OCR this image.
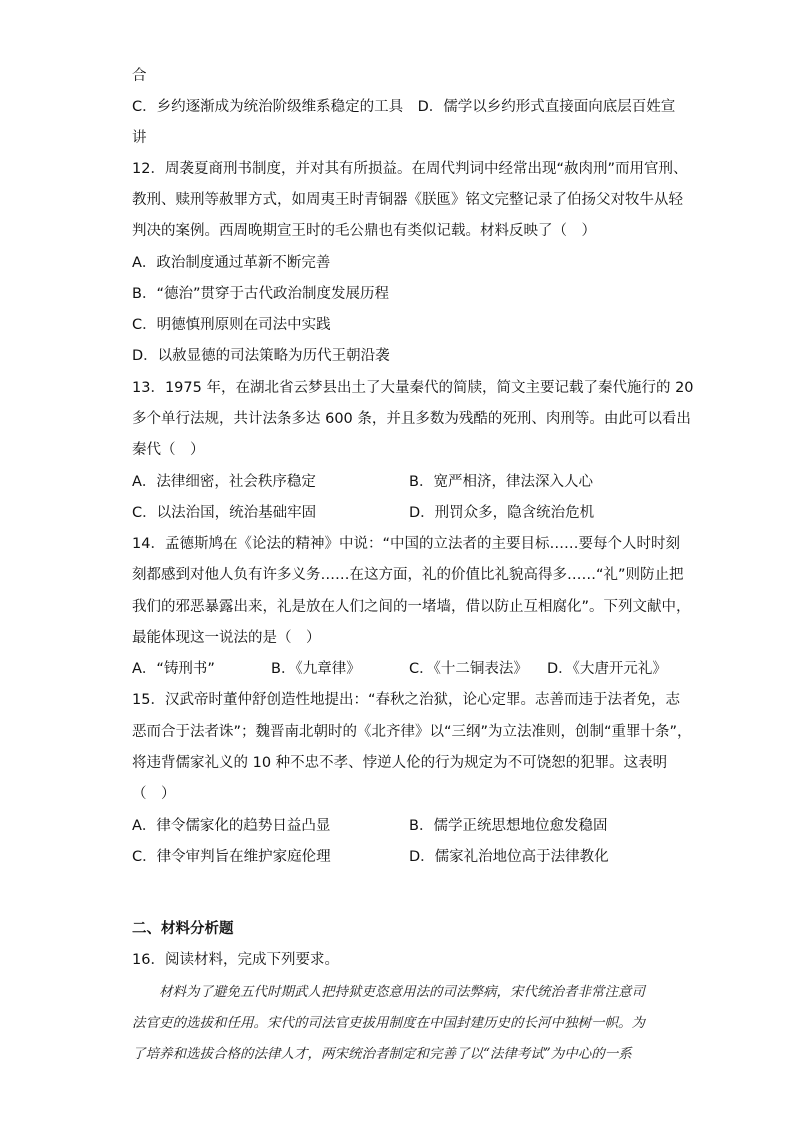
合
C．乡约逐渐成为统治阶级维系稳定的工具　D．儒学以乡约形式直接面向底层百姓宣
讲
12．周袭夏商刑书制度，并对其有所损益。在周代判词中经常出现“赦肉刑”而用官刑、
教刑、赎刑等赦罪方式，如周夷王时青铜器《朕匜》铭文完整记录了伯扬父对牧牛从轻
判决的案例。西周晚期宣王时的毛公鼎也有类似记载。材料反映了（　）
A．政治制度通过革新不断完善
B．“德治”贯穿于古代政治制度发展历程
C．明德慎刑原则在司法中实践
D．以赦显德的司法策略为历代王朝沿袭
13．1975 年，在湖北省云梦县出土了大量秦代的简牍，简文主要记载了秦代施行的 20
多个单行法规，共计法条多达 600 条，并且多数为残酷的死刑、肉刑等。由此可以看出
秦代（　）
A．法律细密，社会秩序稳定	B．宽严相济，律法深入人心
C．以法治国，统治基础牢固	D．刑罚众多，隐含统治危机
14．孟德斯鸠在《论法的精神》中说：“中国的立法者的主要目标……要每个人时时刻
刻都感到对他人负有许多义务……在这方面，礼的价值比礼貌高得多……“礼”则防止把
我们的邪恶暴露出来，礼是放在人们之间的一堵墙，借以防止互相腐化”。下列文献中，
最能体现这一说法的是（　）
A．“铸刑书”	B．《九章律》	C．《十二铜表法》 D．《大唐开元礼》
15．汉武帝时董仲舒创造性地提出：“春秋之治狱，论心定罪。志善而违于法者免，志
恶而合于法者诛”；魏晋南北朝时的《北齐律》以“三纲”为立法准则，创制“重罪十条”，
将违背儒家礼义的 10 种不忠不孝、悖逆人伦的行为规定为不可饶恕的犯罪。这表明
（　）
A．律令儒家化的趋势日益凸显	B．儒学正统思想地位愈发稳固
C．律令审判旨在维护家庭伦理	D．儒家礼治地位高于法律教化
二、材料分析题
16．阅读材料，完成下列要求。
　　材料为了避免五代时期武人把持狱吏恣意用法的司法弊病，宋代统治者非常注意司
法官吏的选拔和任用。宋代的司法官吏拔用制度在中国封建历史的长河中独树一帜。为
了培养和选拔合格的法律人才，两宋统治者制定和完善了以“法律考试”为中心的一系
